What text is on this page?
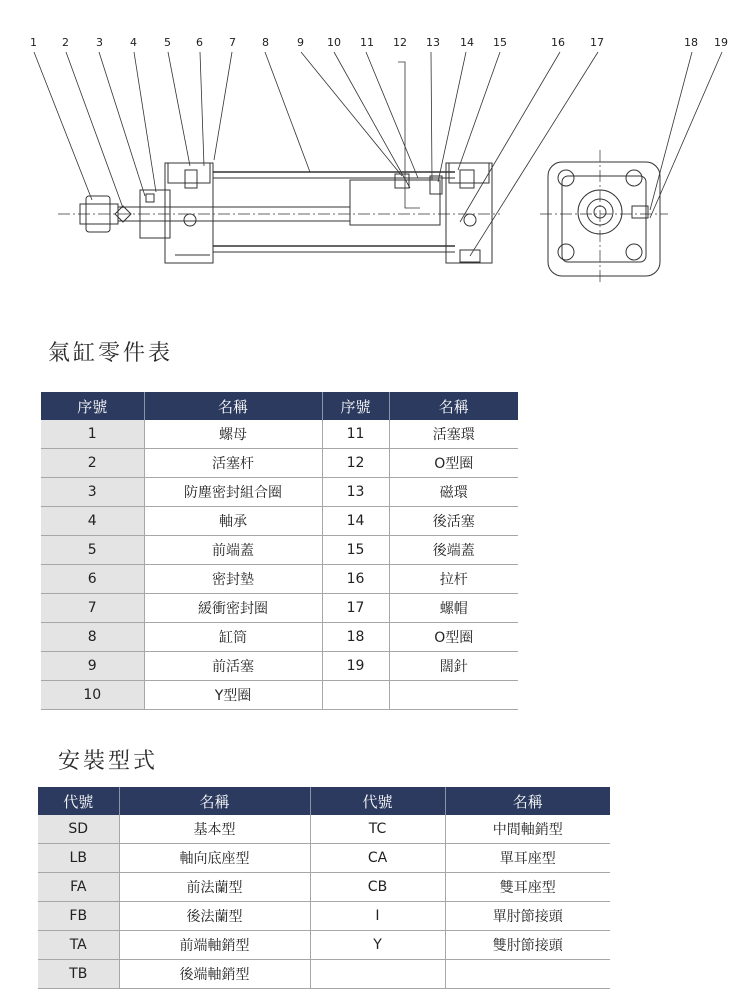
1 2 3 4 5 6 7 8	9 10 11 12 13 14 15	16 17	18 19
氣缸零件表
序號	名稱	序號	名稱
1	螺母	11	活塞環
2	活塞杆	12	O型圈
3	防塵密封組合圈	13	磁環
4	軸承	14	後活塞
5	前端蓋	15	後端蓋
6	密封墊	16	拉杆
7	緩衝密封圈	17	螺帽
8	缸筒	18	O型圈
9	前活塞	19	闊針
10	Y型圈		
安裝型式
代號	名稱	代號	名稱
SD	基本型	TC	中間軸銷型
LB	軸向底座型	CA	單耳座型
FA	前法蘭型	CB	雙耳座型
FB	後法蘭型	I	單肘節接頭
TA	前端軸銷型	Y	雙肘節接頭
TB	後端軸銷型		
